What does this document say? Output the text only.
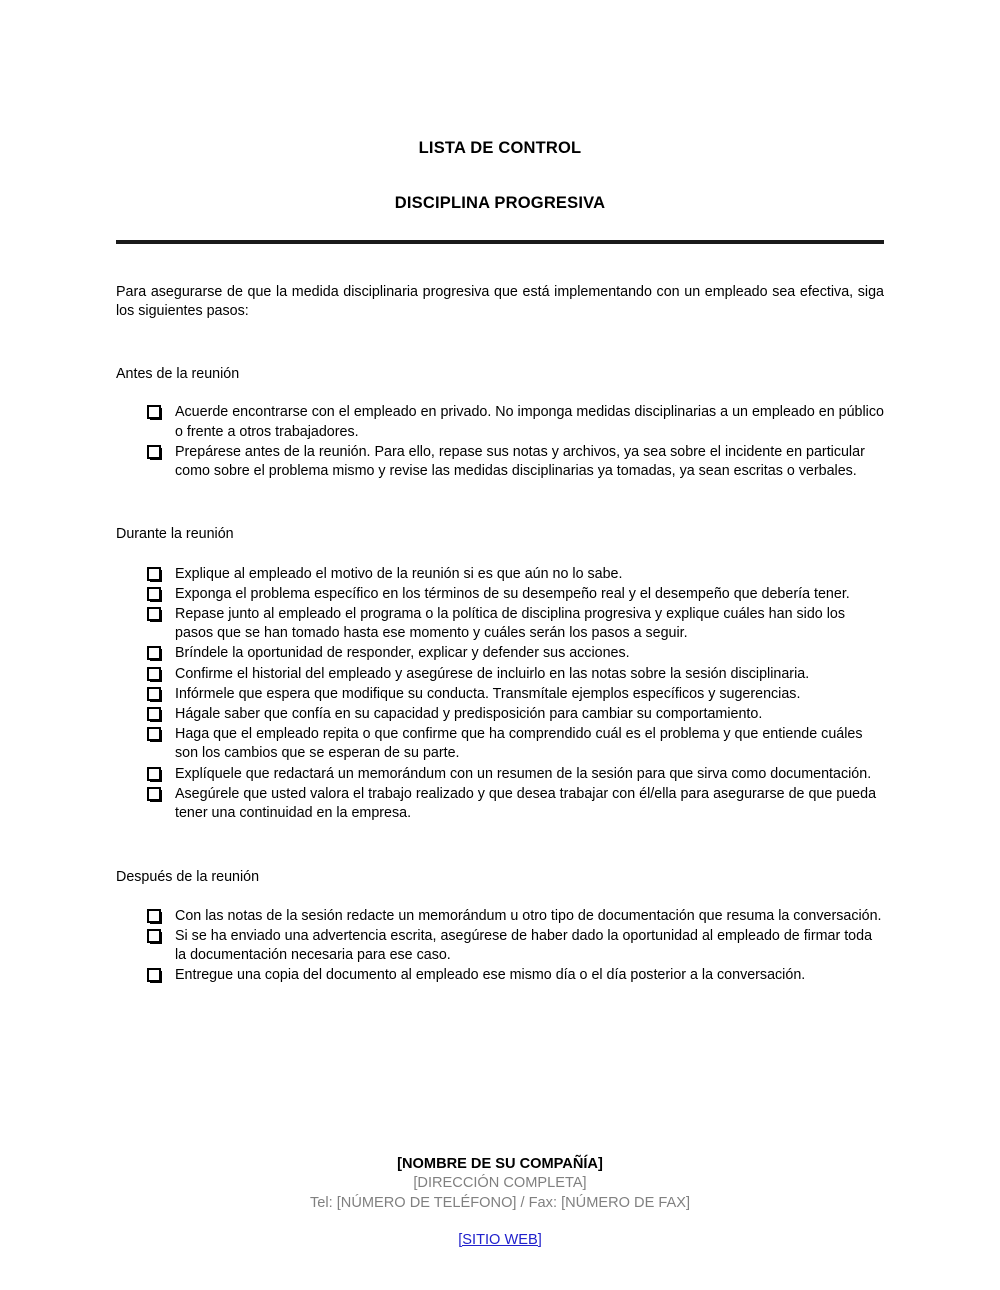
LISTA DE CONTROL
DISCIPLINA PROGRESIVA

Para asegurarse de que la medida disciplinaria progresiva que está implementando con un empleado sea efectiva, siga los siguientes pasos:

Antes de la reunión

Acuerde encontrarse con el empleado en privado. No imponga medidas disciplinarias a un empleado en público o frente a otros trabajadores.
Prepárese antes de la reunión. Para ello, repase sus notas y archivos, ya sea sobre el incidente en particular como sobre el problema mismo y revise las medidas disciplinarias ya tomadas, ya sean escritas o verbales.

Durante la reunión

Explique al empleado el motivo de la reunión si es que aún no lo sabe.
Exponga el problema específico en los términos de su desempeño real y el desempeño que debería tener.
Repase junto al empleado el programa o la política de disciplina progresiva y explique cuáles han sido los pasos que se han tomado hasta ese momento y cuáles serán los pasos a seguir.
Bríndele la oportunidad de responder, explicar y defender sus acciones.
Confirme el historial del empleado y asegúrese de incluirlo en las notas sobre la sesión disciplinaria.
Infórmele que espera que modifique su conducta. Transmítale ejemplos específicos y sugerencias.
Hágale saber que confía en su capacidad y predisposición para cambiar su comportamiento.
Haga que el empleado repita o que confirme que ha comprendido cuál es el problema y que entiende cuáles son los cambios que se esperan de su parte.
Explíquele que redactará un memorándum con un resumen de la sesión para que sirva como documentación.
Asegúrele que usted valora el trabajo realizado y que desea trabajar con él/ella para asegurarse de que pueda tener una continuidad en la empresa.

Después de la reunión

Con las notas de la sesión redacte un memorándum u otro tipo de documentación que resuma la conversación.
Si se ha enviado una advertencia escrita, asegúrese de haber dado la oportunidad al empleado de firmar toda la documentación necesaria para ese caso.
Entregue una copia del documento al empleado ese mismo día o el día posterior a la conversación.

[NOMBRE DE SU COMPAÑÍA]

[DIRECCIÓN COMPLETA]

Tel: [NÚMERO DE TELÉFONO] / Fax: [NÚMERO DE FAX]

[SITIO WEB]
